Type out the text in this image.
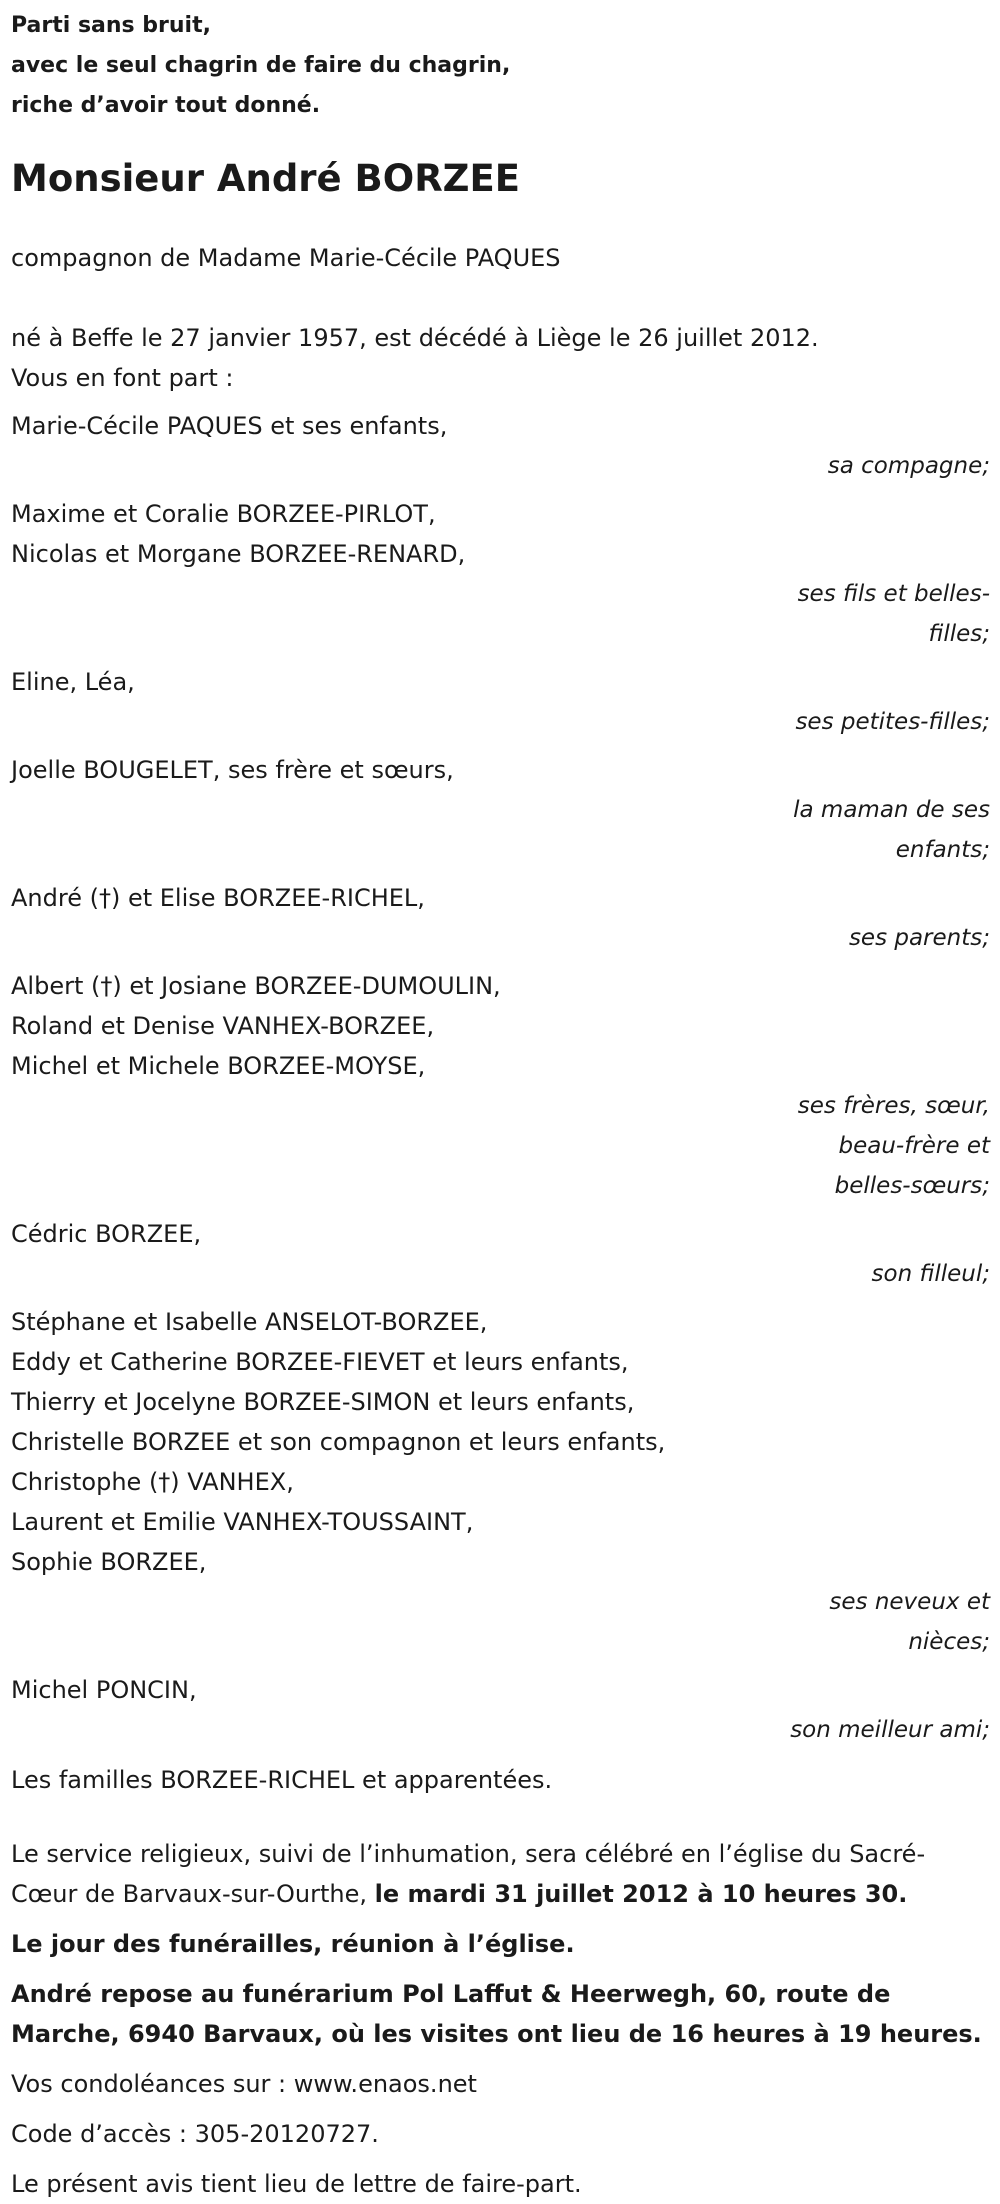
Parti sans bruit,
avec le seul chagrin de faire du chagrin,
riche d’avoir tout donné.
Monsieur André BORZEE
compagnon de Madame Marie-Cécile PAQUES
né à Beffe le 27 janvier 1957, est décédé à Liège le 26 juillet 2012.
Vous en font part :
Marie-Cécile PAQUES et ses enfants,
sa compagne;
Maxime et Coralie BORZEE-PIRLOT,
Nicolas et Morgane BORZEE-RENARD,
ses fils et belles-filles;
Eline, Léa,
ses petites-filles;
Joelle BOUGELET, ses frère et sœurs,
la maman de ses enfants;
André (†) et Elise BORZEE-RICHEL,
ses parents;
Albert (†) et Josiane BORZEE-DUMOULIN,
Roland et Denise VANHEX-BORZEE,
Michel et Michele BORZEE-MOYSE,
ses frères, sœur, beau-frère et belles-sœurs;
Cédric BORZEE,
son filleul;
Stéphane et Isabelle ANSELOT-BORZEE,
Eddy et Catherine BORZEE-FIEVET et leurs enfants,
Thierry et Jocelyne BORZEE-SIMON et leurs enfants,
Christelle BORZEE et son compagnon et leurs enfants,
Christophe (†) VANHEX,
Laurent et Emilie VANHEX-TOUSSAINT,
Sophie BORZEE,
ses neveux et nièces;
Michel PONCIN,
son meilleur ami;
Les familles BORZEE-RICHEL et apparentées.
Le service religieux, suivi de l’inhumation, sera célébré en l’église du Sacré-Cœur de Barvaux-sur-Ourthe, le mardi 31 juillet 2012 à 10 heures 30.
Le jour des funérailles, réunion à l’église.
André repose au funérarium Pol Laffut & Heerwegh, 60, route de Marche, 6940 Barvaux, où les visites ont lieu de 16 heures à 19 heures.
Vos condoléances sur : www.enaos.net
Code d’accès : 305-20120727.
Le présent avis tient lieu de lettre de faire-part.
